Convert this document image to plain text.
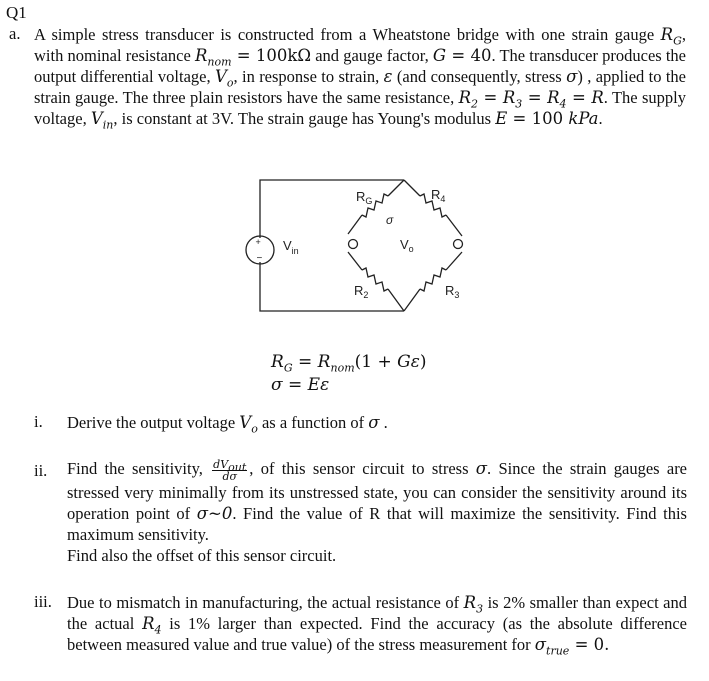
Q1
a. A simple stress transducer is constructed from a Wheatstone bridge with one strain gauge $R_G$, with nominal resistance $R_{nom} = 100k\Omega$ and gauge factor, G = 40. The transducer produces the output differential voltage, $V_o$, in response to strain, ε (and consequently, stress σ) , applied to the strain gauge. The three plain resistors have the same resistance, $R_2 = R_3 = R_4 = R$. The supply voltage, $V_{in}$, is constant at 3V. The strain gauge has Young's modulus E = 100 kPa.

+
−
$R_G$
σ
$R_4$
$V_{in}$	$V_o$
$R_2$	$R_3$
$R_G = R_{nom}(1 + G\varepsilon)$
σ = Eε
i. Derive the output voltage $V_o$ as a function of σ .
ii. Find the sensitivity, $\frac{dV_{out}}{d\sigma}$ , of this sensor circuit to stress σ. Since the strain gauges are stressed very minimally from its unstressed state, you can consider the sensitivity around its operation point of σ~0. Find the value of R that will maximize the sensitivity. Find this maximum sensitivity.

Find also the offset of this sensor circuit.

iii. Due to mismatch in manufacturing, the actual resistance of $R_3$ is 2% smaller than expect and the actual $R_4$ is 1% larger than expected. Find the accuracy (as the absolute difference between measured value and true value) of the stress measurement for $\sigma_{true} = 0$.
